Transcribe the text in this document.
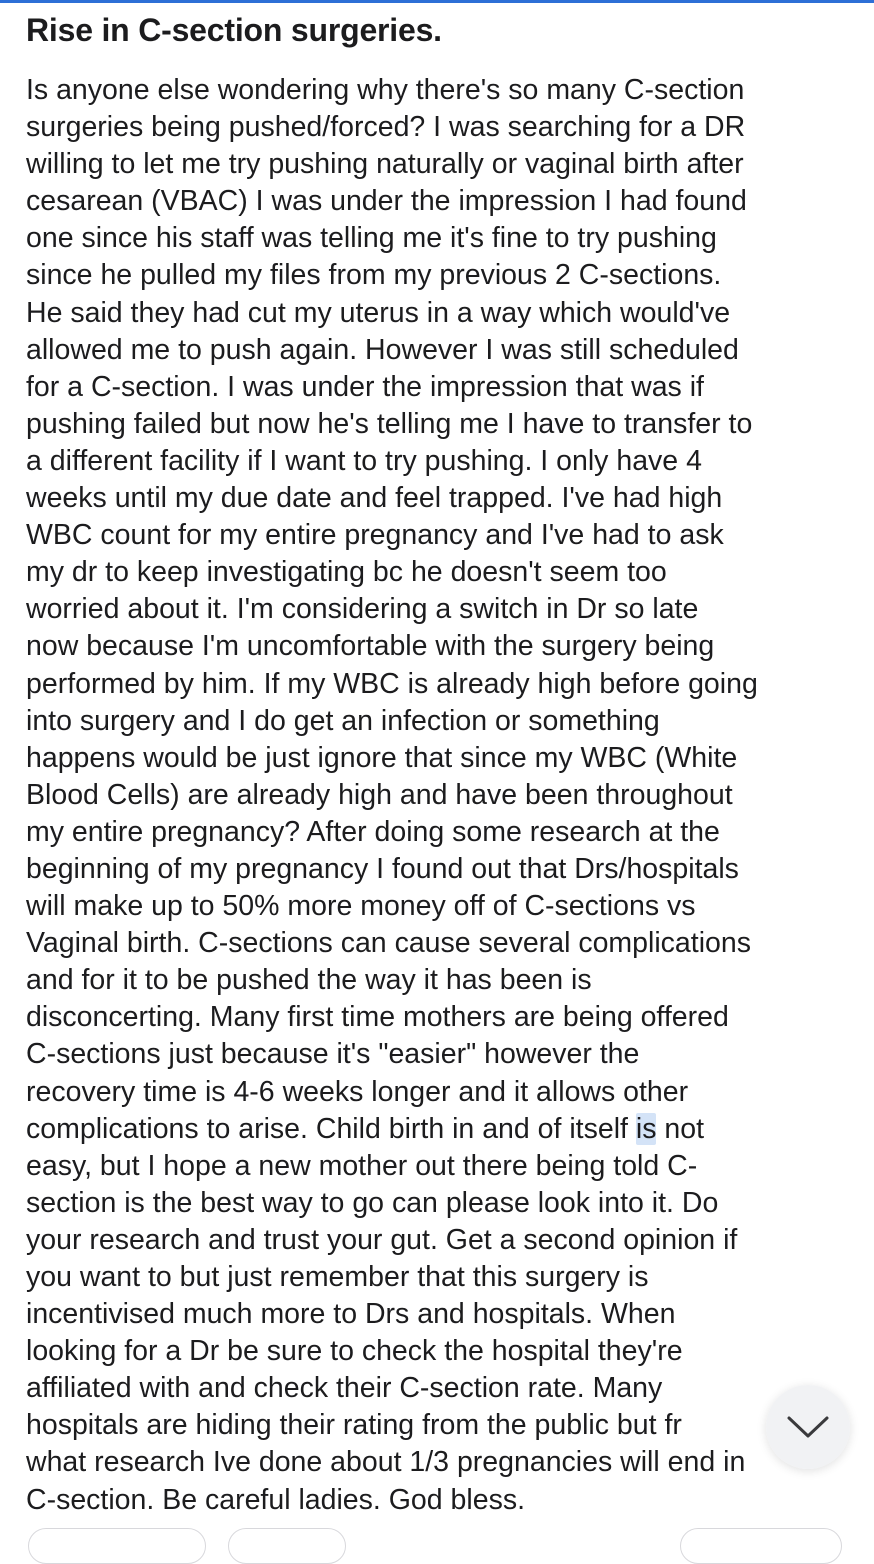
Rise in C-section surgeries.
Is anyone else wondering why there's so many C-section
surgeries being pushed/forced? I was searching for a DR
willing to let me try pushing naturally or vaginal birth after
cesarean (VBAC) I was under the impression I had found
one since his staff was telling me it's fine to try pushing
since he pulled my files from my previous 2 C-sections.
He said they had cut my uterus in a way which would've
allowed me to push again. However I was still scheduled
for a C-section. I was under the impression that was if
pushing failed but now he's telling me I have to transfer to
a different facility if I want to try pushing. I only have 4
weeks until my due date and feel trapped. I've had high
WBC count for my entire pregnancy and I've had to ask
my dr to keep investigating bc he doesn't seem too
worried about it. I'm considering a switch in Dr so late
now because I'm uncomfortable with the surgery being
performed by him. If my WBC is already high before going
into surgery and I do get an infection or something
happens would be just ignore that since my WBC (White
Blood Cells) are already high and have been throughout
my entire pregnancy? After doing some research at the
beginning of my pregnancy I found out that Drs/hospitals
will make up to 50% more money off of C-sections vs
Vaginal birth. C-sections can cause several complications
and for it to be pushed the way it has been is
disconcerting. Many first time mothers are being offered
C-sections just because it's "easier" however the
recovery time is 4-6 weeks longer and it allows other
complications to arise. Child birth in and of itself is not
easy, but I hope a new mother out there being told C-
section is the best way to go can please look into it. Do
your research and trust your gut. Get a second opinion if
you want to but just remember that this surgery is
incentivised much more to Drs and hospitals. When
looking for a Dr be sure to check the hospital they're
affiliated with and check their C-section rate. Many
hospitals are hiding their rating from the public but fr
what research Ive done about 1/3 pregnancies will end in
C-section. Be careful ladies. God bless.
